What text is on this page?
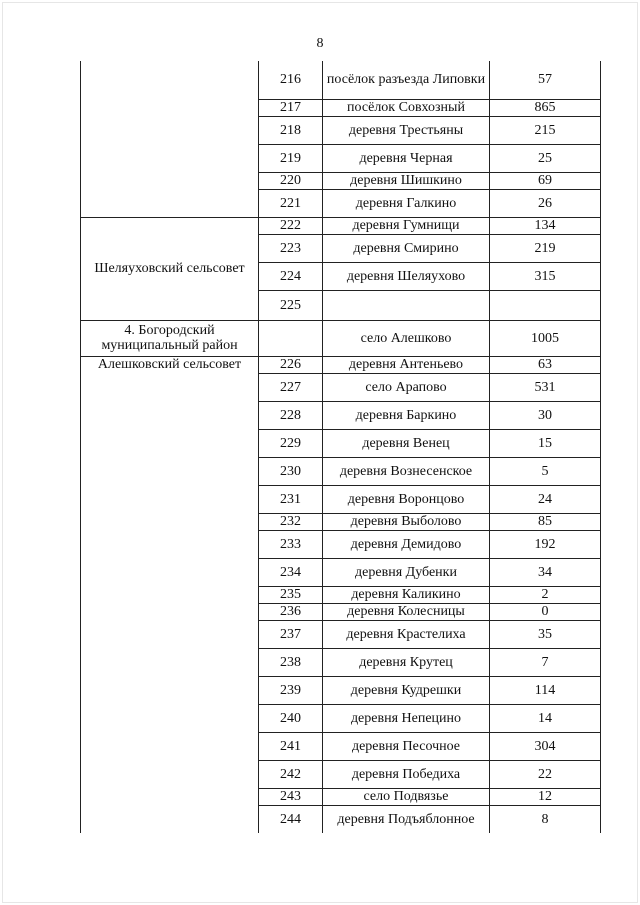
8
	216	посёлок разъезда Липовки	57
	217	посёлок Совхозный	865
	218	деревня Трестьяны	215
	219	деревня Черная	25
	220	деревня Шишкино	69
	221	деревня Галкино	26
Шеляуховский сельсовет	222	деревня Гумнищи	134
	223	деревня Смирино	219
	224	деревня Шеляухово	315
	225		
4. Богородский муниципальный район		село Алешково	1005
Алешковский сельсовет	226	деревня Антеньево	63
	227	село Арапово	531
	228	деревня Баркино	30
	229	деревня Венец	15
	230	деревня Вознесенское	5
	231	деревня Воронцово	24
	232	деревня Выболово	85
	233	деревня Демидово	192
	234	деревня Дубенки	34
	235	деревня Каликино	2
	236	деревня Колесницы	0
	237	деревня Крастелиха	35
	238	деревня Крутец	7
	239	деревня Кудрешки	114
	240	деревня Непецино	14
	241	деревня Песочное	304
	242	деревня Победиха	22
	243	село Подвязье	12
	244	деревня Подъяблонное	8
